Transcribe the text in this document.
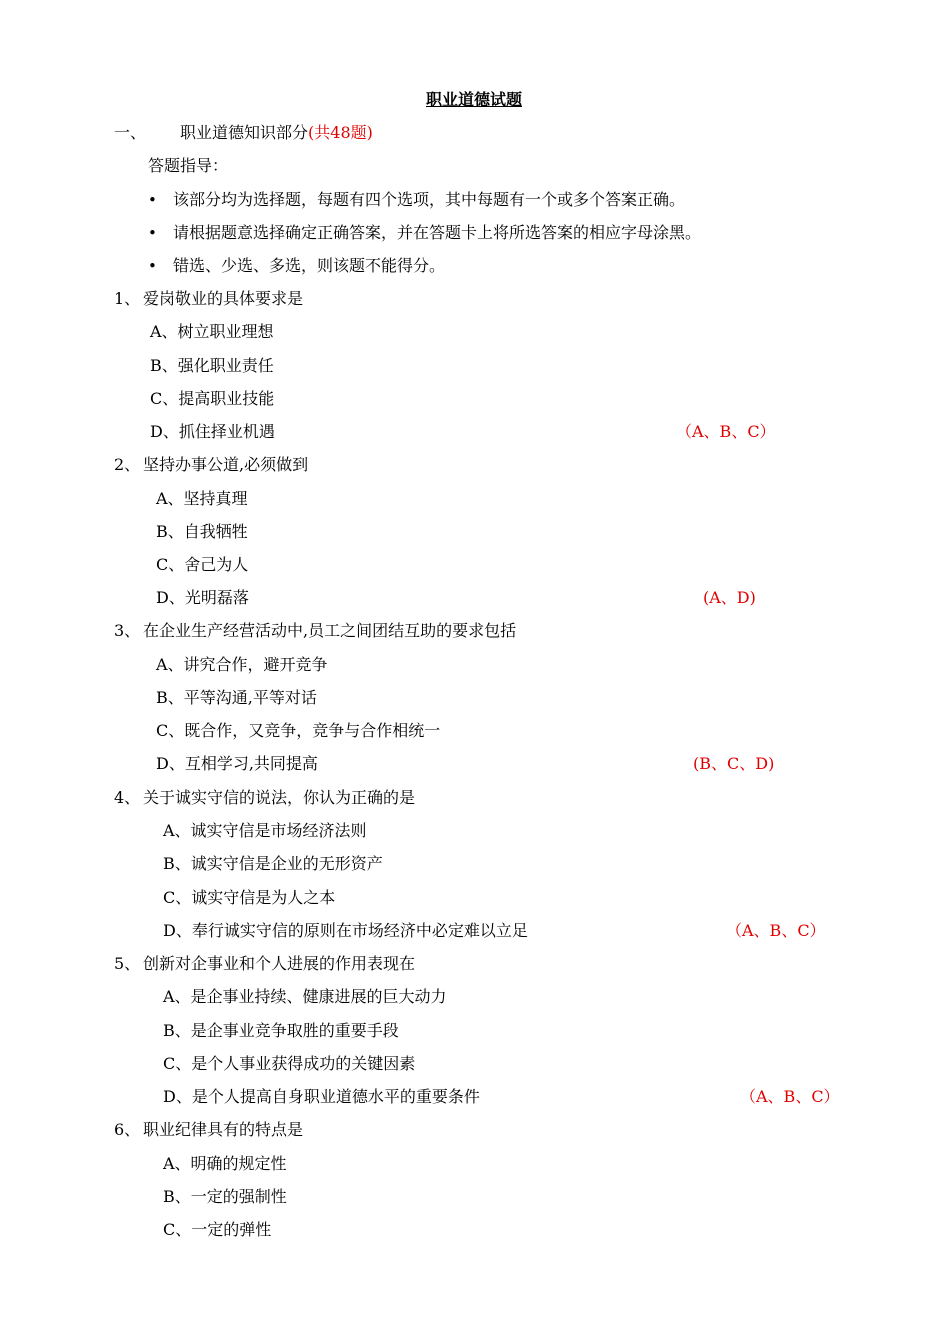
职业道德试题
一、 职业道德知识部分(共48题)
答题指导：
• 该部分均为选择题，每题有四个选项，其中每题有一个或多个答案正确。
• 请根据题意选择确定正确答案，并在答题卡上将所选答案的相应字母涂黑。
• 错选、少选、多选，则该题不能得分。
1、 爱岗敬业的具体要求是
A、树立职业理想
B、强化职业责任
C、提高职业技能
D、抓住择业机遇	（A、B、C）
2、 坚持办事公道,必须做到
A、坚持真理
B、自我牺牲
C、舍己为人
D、光明磊落	(A、D)
3、 在企业生产经营活动中,员工之间团结互助的要求包括
A、讲究合作，避开竞争
B、平等沟通,平等对话
C、既合作，又竞争，竞争与合作相统一
D、互相学习,共同提高	(B、C、D)
4、 关于诚实守信的说法，你认为正确的是
A、诚实守信是市场经济法则
B、诚实守信是企业的无形资产
C、诚实守信是为人之本
D、奉行诚实守信的原则在市场经济中必定难以立足	（A、B、C）
5、 创新对企事业和个人进展的作用表现在
A、是企事业持续、健康进展的巨大动力
B、是企事业竞争取胜的重要手段
C、是个人事业获得成功的关键因素
D、是个人提高自身职业道德水平的重要条件	（A、B、C）
6、 职业纪律具有的特点是
A、明确的规定性
B、一定的强制性
C、一定的弹性
